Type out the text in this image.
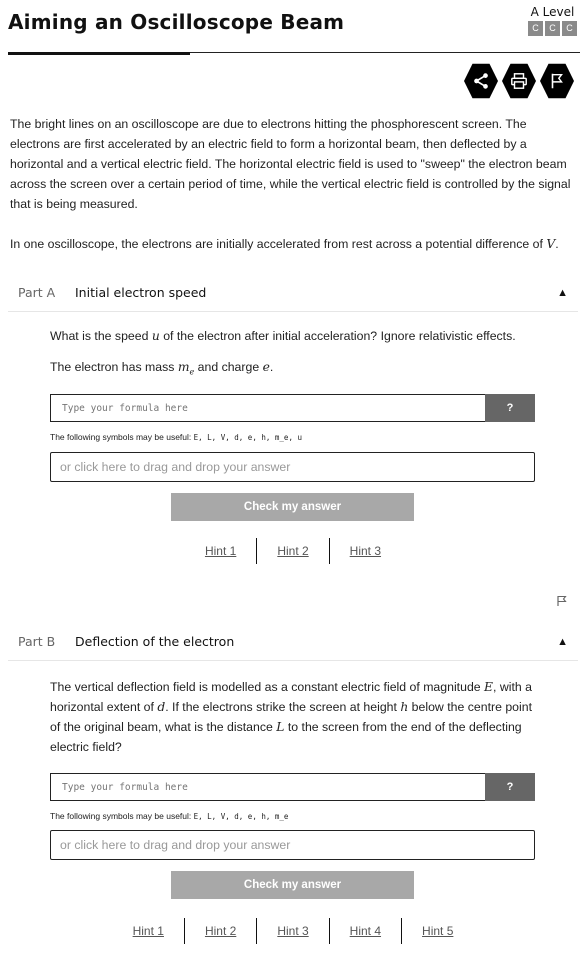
Aiming an Oscilloscope Beam	A Level
C	C	C

The bright lines on an oscilloscope are due to electrons hitting the phosphorescent screen. The electrons are first accelerated by an electric field to form a horizontal beam, then deflected by a horizontal and a vertical electric field. The horizontal electric field is used to "sweep" the electron beam across the screen over a certain period of time, while the vertical electric field is controlled by the signal that is being measured.

In one oscilloscope, the electrons are initially accelerated from rest across a potential difference of V.

Part A	Initial electron speed	▲
What is the speed u of the electron after initial acceleration? Ignore relativistic effects.
The electron has mass $m_e$ and charge e.
Type your formula here
?
The following symbols may be useful: E, L, V, d, e, h, m_e, u
or click here to drag and drop your answer
Check my answer
Hint 1	Hint 2	Hint 3
Part B	Deflection of the electron	▲
The vertical deflection field is modelled as a constant electric field of magnitude E, with a horizontal extent of d. If the electrons strike the screen at height h below the centre point of the original beam, what is the distance L to the screen from the end of the deflecting electric field?
Type your formula here
?
The following symbols may be useful: E, L, V, d, e, h, m_e
or click here to drag and drop your answer
Check my answer
Hint 1	Hint 2	Hint 3	Hint 4	Hint 5
